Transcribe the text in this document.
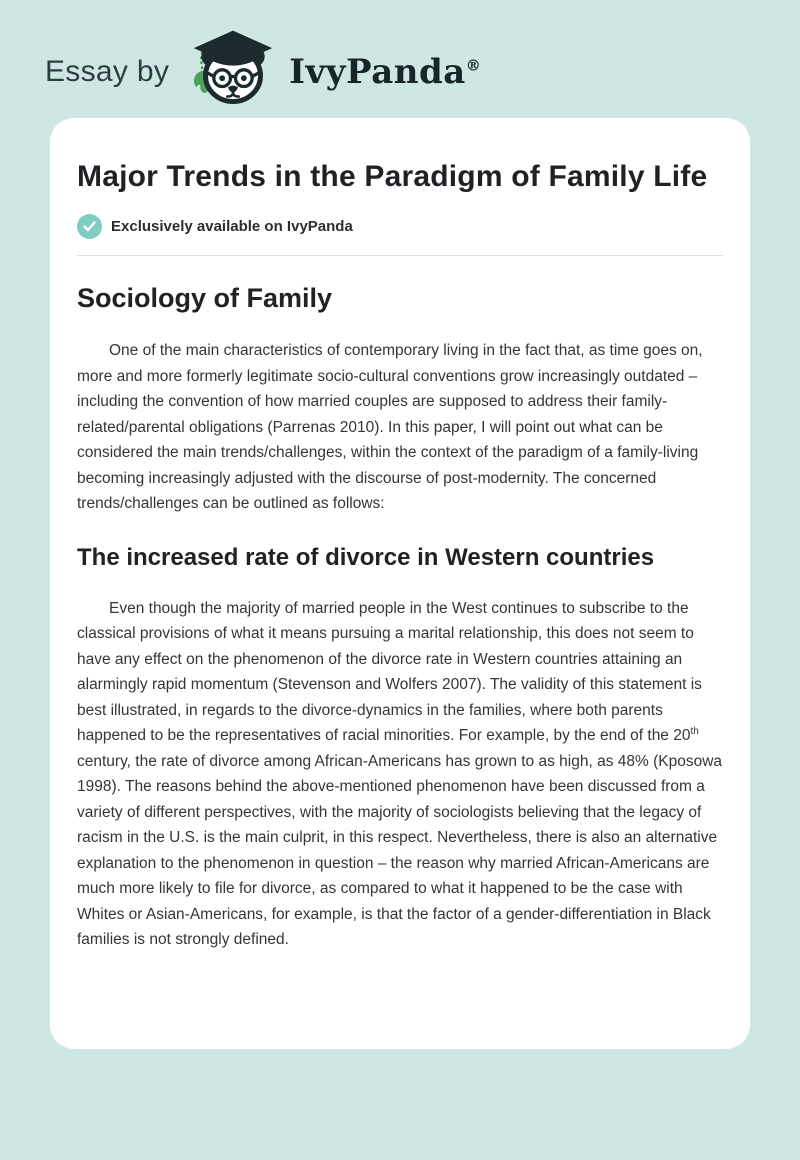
Essay by	IvyPanda®
Major Trends in the Paradigm of Family Life
Exclusively available on IvyPanda
Sociology of Family

One of the main characteristics of contemporary living in the fact that, as time goes on, more and more formerly legitimate socio-cultural conventions grow increasingly outdated – including the convention of how married couples are supposed to address their family-related/parental obligations (Parrenas 2010). In this paper, I will point out what can be considered the main trends/challenges, within the context of the paradigm of a family-living becoming increasingly adjusted with the discourse of post-modernity. The concerned trends/challenges can be outlined as follows:

The increased rate of divorce in Western countries

Even though the majority of married people in the West continues to subscribe to the classical provisions of what it means pursuing a marital relationship, this does not seem to have any effect on the phenomenon of the divorce rate in Western countries attaining an alarmingly rapid momentum (Stevenson and Wolfers 2007). The validity of this statement is best illustrated, in regards to the divorce-dynamics in the families, where both parents happened to be the representatives of racial minorities. For example, by the end of the 20th century, the rate of divorce among African-Americans has grown to as high, as 48% (Kposowa 1998). The reasons behind the above-mentioned phenomenon have been discussed from a variety of different perspectives, with the majority of sociologists believing that the legacy of racism in the U.S. is the main culprit, in this respect. Nevertheless, there is also an alternative explanation to the phenomenon in question – the reason why married African-Americans are much more likely to file for divorce, as compared to what it happened to be the case with Whites or Asian-Americans, for example, is that the factor of a gender-differentiation in Black families is not strongly defined.
